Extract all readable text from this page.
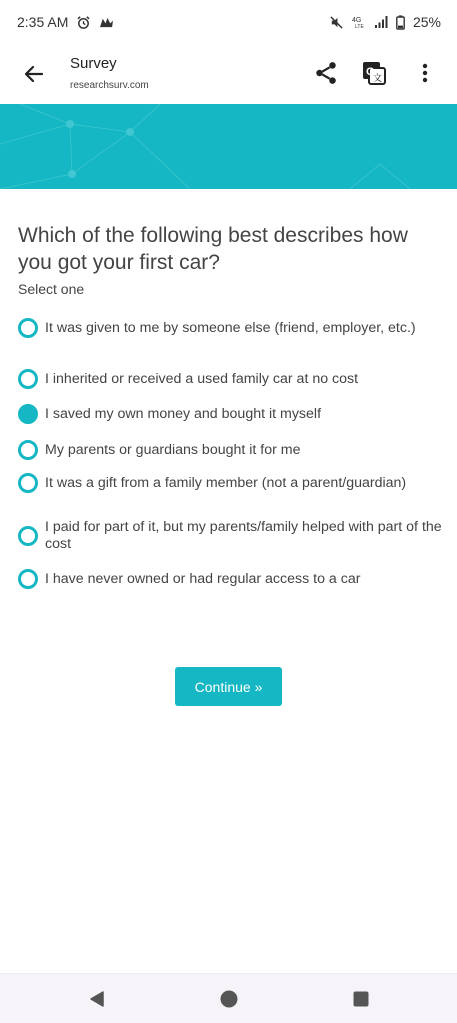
2:35 AM	4G
LTE	25%
Survey
researchsurv.com
G
文
Which of the following best describes how you got your first car?
Select one
It was given to me by someone else (friend, employer, etc.)
I inherited or received a used family car at no cost
I saved my own money and bought it myself
My parents or guardians bought it for me
It was a gift from a family member (not a parent/guardian)
I paid for part of it, but my parents/family helped with part of the cost
I have never owned or had regular access to a car
Continue »
